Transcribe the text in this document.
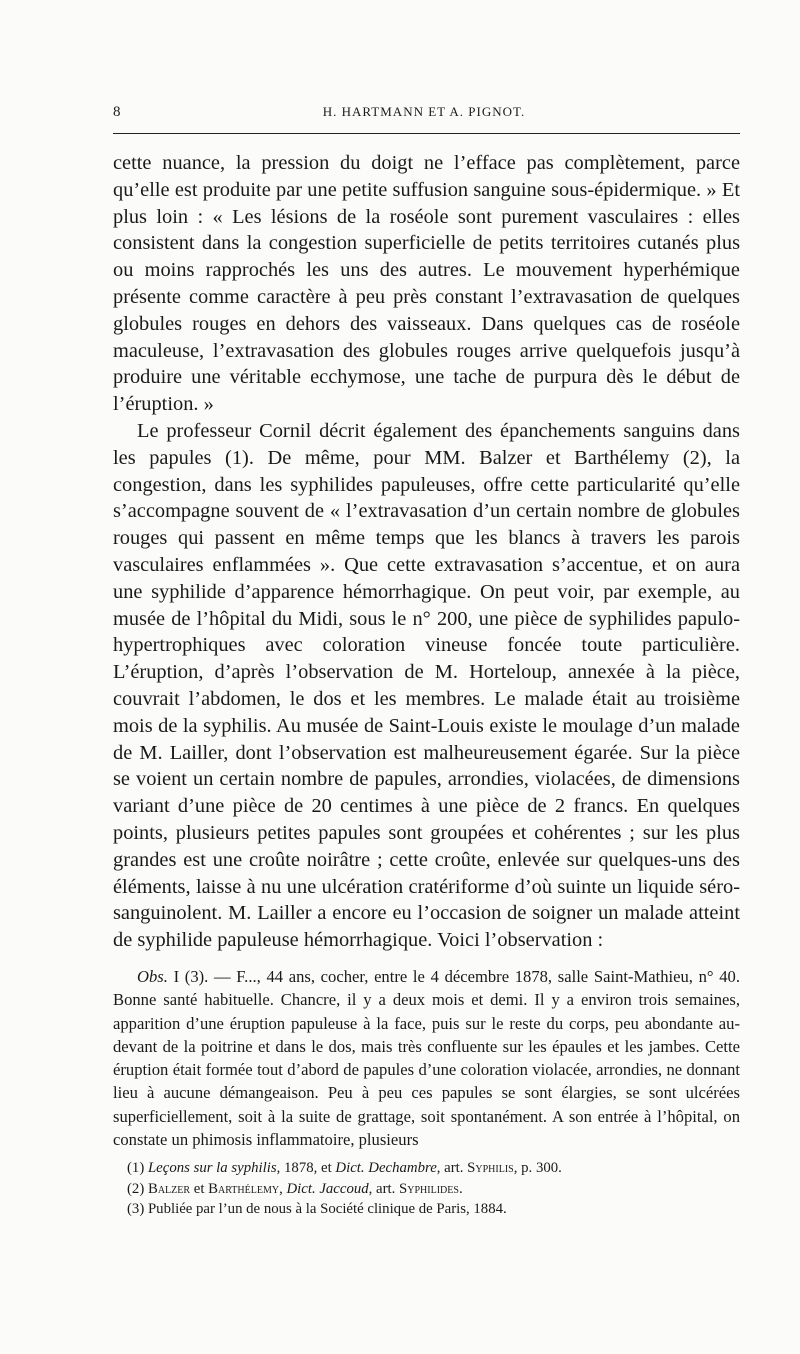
8	H. HARTMANN ET A. PIGNOT.

cette nuance, la pression du doigt ne l’efface pas complètement, parce qu’elle est produite par une petite suffusion sanguine sous-épidermique. » Et plus loin : « Les lésions de la roséole sont purement vasculaires : elles consistent dans la congestion superficielle de petits territoires cutanés plus ou moins rapprochés les uns des autres. Le mouvement hyperhémique présente comme caractère à peu près constant l’extravasation de quelques globules rouges en dehors des vaisseaux. Dans quelques cas de roséole maculeuse, l’extravasation des globules rouges arrive quelquefois jusqu’à produire une véritable ecchymose, une tache de purpura dès le début de l’éruption. »

Le professeur Cornil décrit également des épanchements sanguins dans les papules (1). De même, pour MM. Balzer et Barthélemy (2), la congestion, dans les syphilides papuleuses, offre cette particularité qu’elle s’accompagne souvent de « l’extravasation d’un certain nombre de globules rouges qui passent en même temps que les blancs à travers les parois vasculaires enflammées ». Que cette extravasation s’accentue, et on aura une syphilide d’apparence hémorrhagique. On peut voir, par exemple, au musée de l’hôpital du Midi, sous le n° 200, une pièce de syphilides papulo-hypertrophiques avec coloration vineuse foncée toute particulière. L’éruption, d’après l’observation de M. Horteloup, annexée à la pièce, couvrait l’abdomen, le dos et les membres. Le malade était au troisième mois de la syphilis. Au musée de Saint-Louis existe le moulage d’un malade de M. Lailler, dont l’observation est malheureusement égarée. Sur la pièce se voient un certain nombre de papules, arrondies, violacées, de dimensions variant d’une pièce de 20 centimes à une pièce de 2 francs. En quelques points, plusieurs petites papules sont groupées et cohérentes ; sur les plus grandes est une croûte noirâtre ; cette croûte, enlevée sur quelques-uns des éléments, laisse à nu une ulcération cratériforme d’où suinte un liquide séro-sanguinolent. M. Lailler a encore eu l’occasion de soigner un malade atteint de syphilide papuleuse hémorrhagique. Voici l’observation :

Obs. I (3). — F..., 44 ans, cocher, entre le 4 décembre 1878, salle Saint-Mathieu, n° 40. Bonne santé habituelle. Chancre, il y a deux mois et demi. Il y a environ trois semaines, apparition d’une éruption papuleuse à la face, puis sur le reste du corps, peu abondante au-devant de la poitrine et dans le dos, mais très confluente sur les épaules et les jambes. Cette éruption était formée tout d’abord de papules d’une coloration violacée, arrondies, ne donnant lieu à aucune démangeaison. Peu à peu ces papules se sont élargies, se sont ulcérées superficiellement, soit à la suite de grattage, soit spontanément. A son entrée à l’hôpital, on constate un phimosis inflammatoire, plusieurs

(1) Leçons sur la syphilis, 1878, et Dict. Dechambre, art. Syphilis, p. 300.
(2) Balzer et Barthélemy, Dict. Jaccoud, art. Syphilides.
(3) Publiée par l’un de nous à la Société clinique de Paris, 1884.
